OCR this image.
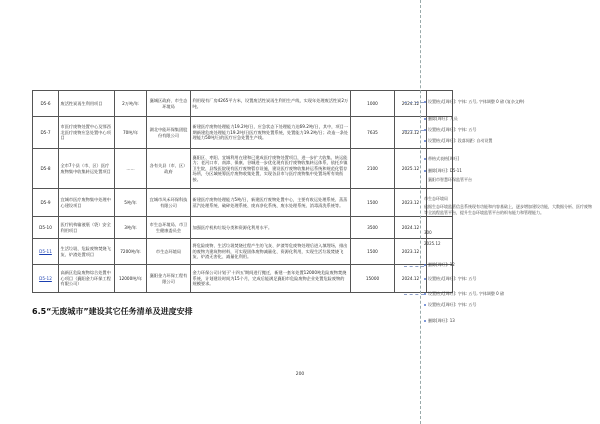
D5-6	废活性炭再生利用项目	2万吨/年	襄城区政府、市生态环境局	利用现有厂房4265平方米，设置废活性炭再生利用生产线，实现年处理废活性炭2万吨。	1000	2024.12	
D5-7	市医疗废物处置中心及鄂西北医疗废物应急处置中心项目	70吨/年	湖北中能环保集团股份有限公司	新建医疗废物处理能力19.2吨/日，应急状态下处理能力达69.2吨/日，其中，项目一期新建危废处理能力19.2吨/日医疗废物处置系统，处置能力19.2吨/日；改造一条处理能力50吨/日的医疗应急处置生产线。	7635	2023.12	
D5-8	全市7个县（市、区）医疗废物集中收集转运处置项目	……	各有关县（市、区）政府	襄阳区、枣阳、宜城利用在建和已建成医疗废物处置项目，进一步扩大收集、转运能力；老河口市、南漳、保康、谷城进一步优化现有医疗废物收集转运体系，依托乡镇卫生院，县级医院现有医疗废物暂存设施，建设医疗废物收集转运系统和规范化暂存场所，分区域统筹医疗废物收集处置，实现各县市与医疗废物集中处置场所有效衔接。	2100	2025.12	
D5-9	宜城市医疗废物集中处理中心建设项目	5吨/年	宜城市风禾环保科技有限公司	新建医疗废物处理能力5吨/日，新建医疗废物处置中心，主要有收运处理系统、蒸蒸蒸汽处理系统、破碎处理系统、废弃净化系统、废水处理系统、消毒清洗系统等。	1500	2023.12	
D5-10	医疗机构输液瓶（袋）安全利用项目	3吨/年	市生态环境局、市卫生健康委员会	加强医疗机构垃圾分类和资源化利用水平。	3500	2024.12	
D5-11	生活垃圾、危险废物焚烧飞灰、炉渣处置项目	7200吨/年	市生态环境局	将危险废物、生活垃圾焚烧过程产生的飞灰、炉渣等危废物处理后进入填埋场，排出的废物为建筑物材料，可实现固体废物减量化、资源化利用，实现生活垃圾焚烧飞灰、炉渣无害化、减量化利用。	1500	2023.12	
D5-12	高新区危险废物综合处置中心项目（襄阳金力环保工程有限公司）	12000吨/年	襄阳金力环保工程有限公司	金力环保公司计划于'十四五'期间进行搬迁，新建一套年处置12000吨危险废物焚烧系统，计划建设时间为15个月，完成后能满足襄阳市危险废物企业处置危险废物的规模要求。	15000	2024.12	
6.5“无废城市”建设其它任务清单及进度安排
200
设置格式[周旺]: 字体: 五号, 字体调整 0 磅 (复杂文种)
删除[周旺]: 人员
设置格式[周旺]: 字体: 五号
设置格式[周旺]: 段落间距: 自动设置
带格式表格[周旺]
删除[周旺]: D5-11
襄阳市智慧环保监管平台
市生态环境局
依据生态环境监管信息系统现有功能和内容基础上，逐步增加建设功能，大数据分析、医疗废物等全流程监管平台，提升生态环境监管平台的织布能力和管理能力。
300
2025.12
删除[周旺]: 12
设置格式[周旺]: 字体: 五号
设置格式[周旺]: 字体: 五号, 字体调整 0 磅
设置格式[周旺]: 字体: 五号
删除[周旺]: 13
